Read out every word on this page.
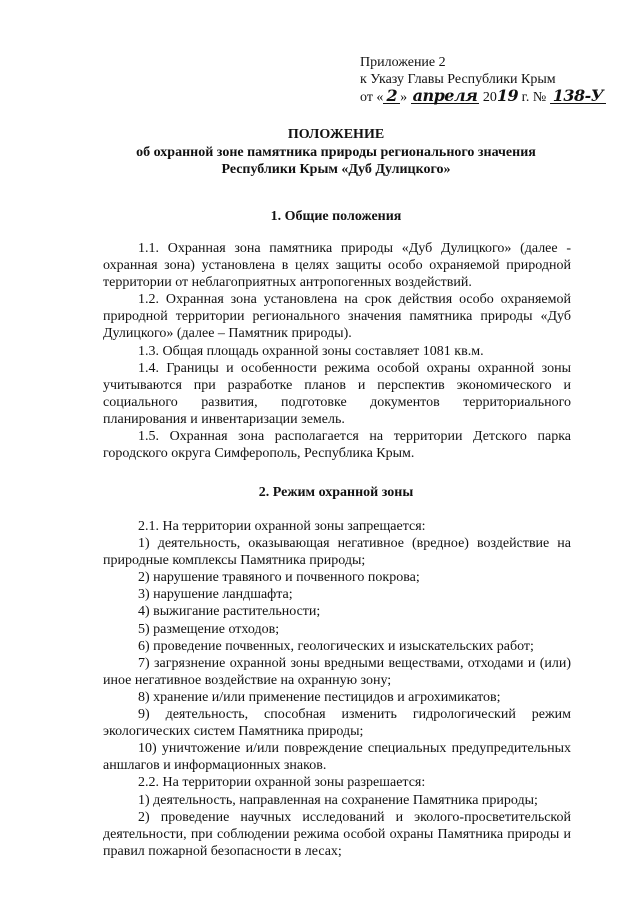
Приложение 2
к Указу Главы Республики Крым
от « 2 » апреля 2019 г. № 138-У
ПОЛОЖЕНИЕ
об охранной зоне памятника природы регионального значения
Республики Крым «Дуб Дулицкого»
1. Общие положения

1.1. Охранная зона памятника природы «Дуб Дулицкого» (далее - охранная зона) установлена в целях защиты особо охраняемой природной территории от неблагоприятных антропогенных воздействий.

1.2. Охранная зона установлена на срок действия особо охраняемой природной территории регионального значения памятника природы «Дуб Дулицкого» (далее – Памятник природы).

1.3. Общая площадь охранной зоны составляет 1081 кв.м.

1.4. Границы и особенности режима особой охраны охранной зоны учитываются при разработке планов и перспектив экономического и социального развития, подготовке документов территориального планирования и инвентаризации земель.

1.5. Охранная зона располагается на территории Детского парка городского округа Симферополь, Республика Крым.

2. Режим охранной зоны

2.1. На территории охранной зоны запрещается:

1) деятельность, оказывающая негативное (вредное) воздействие на природные комплексы Памятника природы;

2) нарушение травяного и почвенного покрова;

3) нарушение ландшафта;

4) выжигание растительности;

5) размещение отходов;

6) проведение почвенных, геологических и изыскательских работ;

7) загрязнение охранной зоны вредными веществами, отходами и (или) иное негативное воздействие на охранную зону;

8) хранение и/или применение пестицидов и агрохимикатов;

9) деятельность, способная изменить гидрологический режим экологических систем Памятника природы;

10) уничтожение и/или повреждение специальных предупредительных аншлагов и информационных знаков.

2.2. На территории охранной зоны разрешается:

1) деятельность, направленная на сохранение Памятника природы;

2) проведение научных исследований и эколого-просветительской деятельности, при соблюдении режима особой охраны Памятника природы и правил пожарной безопасности в лесах;
